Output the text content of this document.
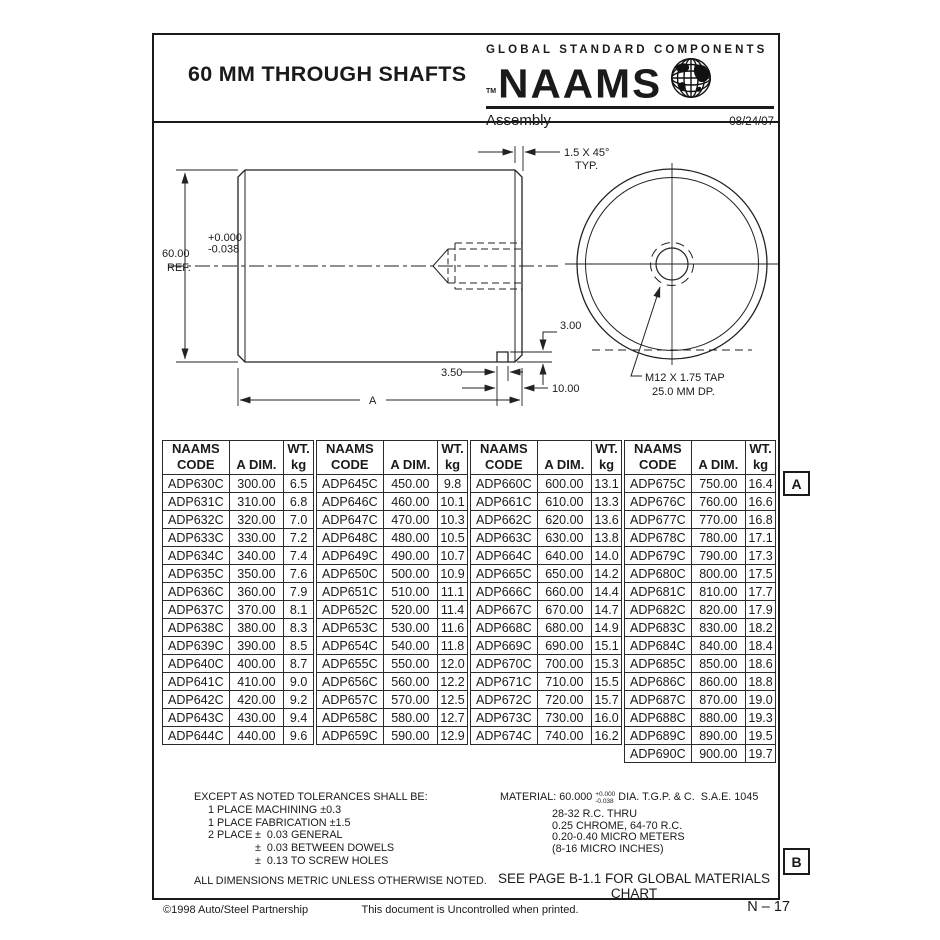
60 MM THROUGH SHAFTS
GLOBAL STANDARD COMPONENTS
TM NAAMS
Assembly	08/24/07
+0.000
-0.038
60.00
REF.
1.5 X 45°
TYP.
3.00
3.50
10.00
A
M12 X 1.75 TAP
25.0 MM DP.
NAAMS
CODE	A DIM.

WT.
kg

ADP630C	300.00	6.5
ADP631C	310.00	6.8
ADP632C	320.00	7.0
ADP633C	330.00	7.2
ADP634C	340.00	7.4
ADP635C	350.00	7.6
ADP636C	360.00	7.9
ADP637C	370.00	8.1
ADP638C	380.00	8.3
ADP639C	390.00	8.5
ADP640C	400.00	8.7
ADP641C	410.00	9.0
ADP642C	420.00	9.2
ADP643C	430.00	9.4
ADP644C	440.00	9.6
NAAMS
CODE	A DIM.

WT.
kg

ADP645C	450.00	9.8
ADP646C	460.00	10.1
ADP647C	470.00	10.3
ADP648C	480.00	10.5
ADP649C	490.00	10.7
ADP650C	500.00	10.9
ADP651C	510.00	11.1
ADP652C	520.00	11.4
ADP653C	530.00	11.6
ADP654C	540.00	11.8
ADP655C	550.00	12.0
ADP656C	560.00	12.2
ADP657C	570.00	12.5
ADP658C	580.00	12.7
ADP659C	590.00	12.9
NAAMS
CODE	A DIM.

WT.
kg

ADP660C	600.00	13.1
ADP661C	610.00	13.3
ADP662C	620.00	13.6
ADP663C	630.00	13.8
ADP664C	640.00	14.0
ADP665C	650.00	14.2
ADP666C	660.00	14.4
ADP667C	670.00	14.7
ADP668C	680.00	14.9
ADP669C	690.00	15.1
ADP670C	700.00	15.3
ADP671C	710.00	15.5
ADP672C	720.00	15.7
ADP673C	730.00	16.0
ADP674C	740.00	16.2
NAAMS
CODE	A DIM.

WT.
kg

ADP675C	750.00	16.4
ADP676C	760.00	16.6
ADP677C	770.00	16.8
ADP678C	780.00	17.1
ADP679C	790.00	17.3
ADP680C	800.00	17.5
ADP681C	810.00	17.7
ADP682C	820.00	17.9
ADP683C	830.00	18.2
ADP684C	840.00	18.4
ADP685C	850.00	18.6
ADP686C	860.00	18.8
ADP687C	870.00	19.0
ADP688C	880.00	19.3
ADP689C	890.00	19.5
ADP690C	900.00	19.7
EXCEPT AS NOTED TOLERANCES SHALL BE:
1 PLACE MACHINING ±0.3
1 PLACE FABRICATION ±1.5
2 PLACE ±  0.03 GENERAL
±  0.03 BETWEEN DOWELS
±  0.13 TO SCREW HOLES
ALL DIMENSIONS METRIC UNLESS OTHERWISE NOTED.
MATERIAL:
60.000 +0.000
-0.038 DIA. T.G.P. & C.  S.A.E. 1045
28-32 R.C. THRU
0.25 CHROME, 64-70 R.C.
0.20-0.40 MICRO METERS
(8-16 MICRO INCHES)
SEE PAGE B-1.1 FOR GLOBAL MATERIALS CHART
A
B
©1998 Auto/Steel Partnership	This document is Uncontrolled when printed.	N – 17
